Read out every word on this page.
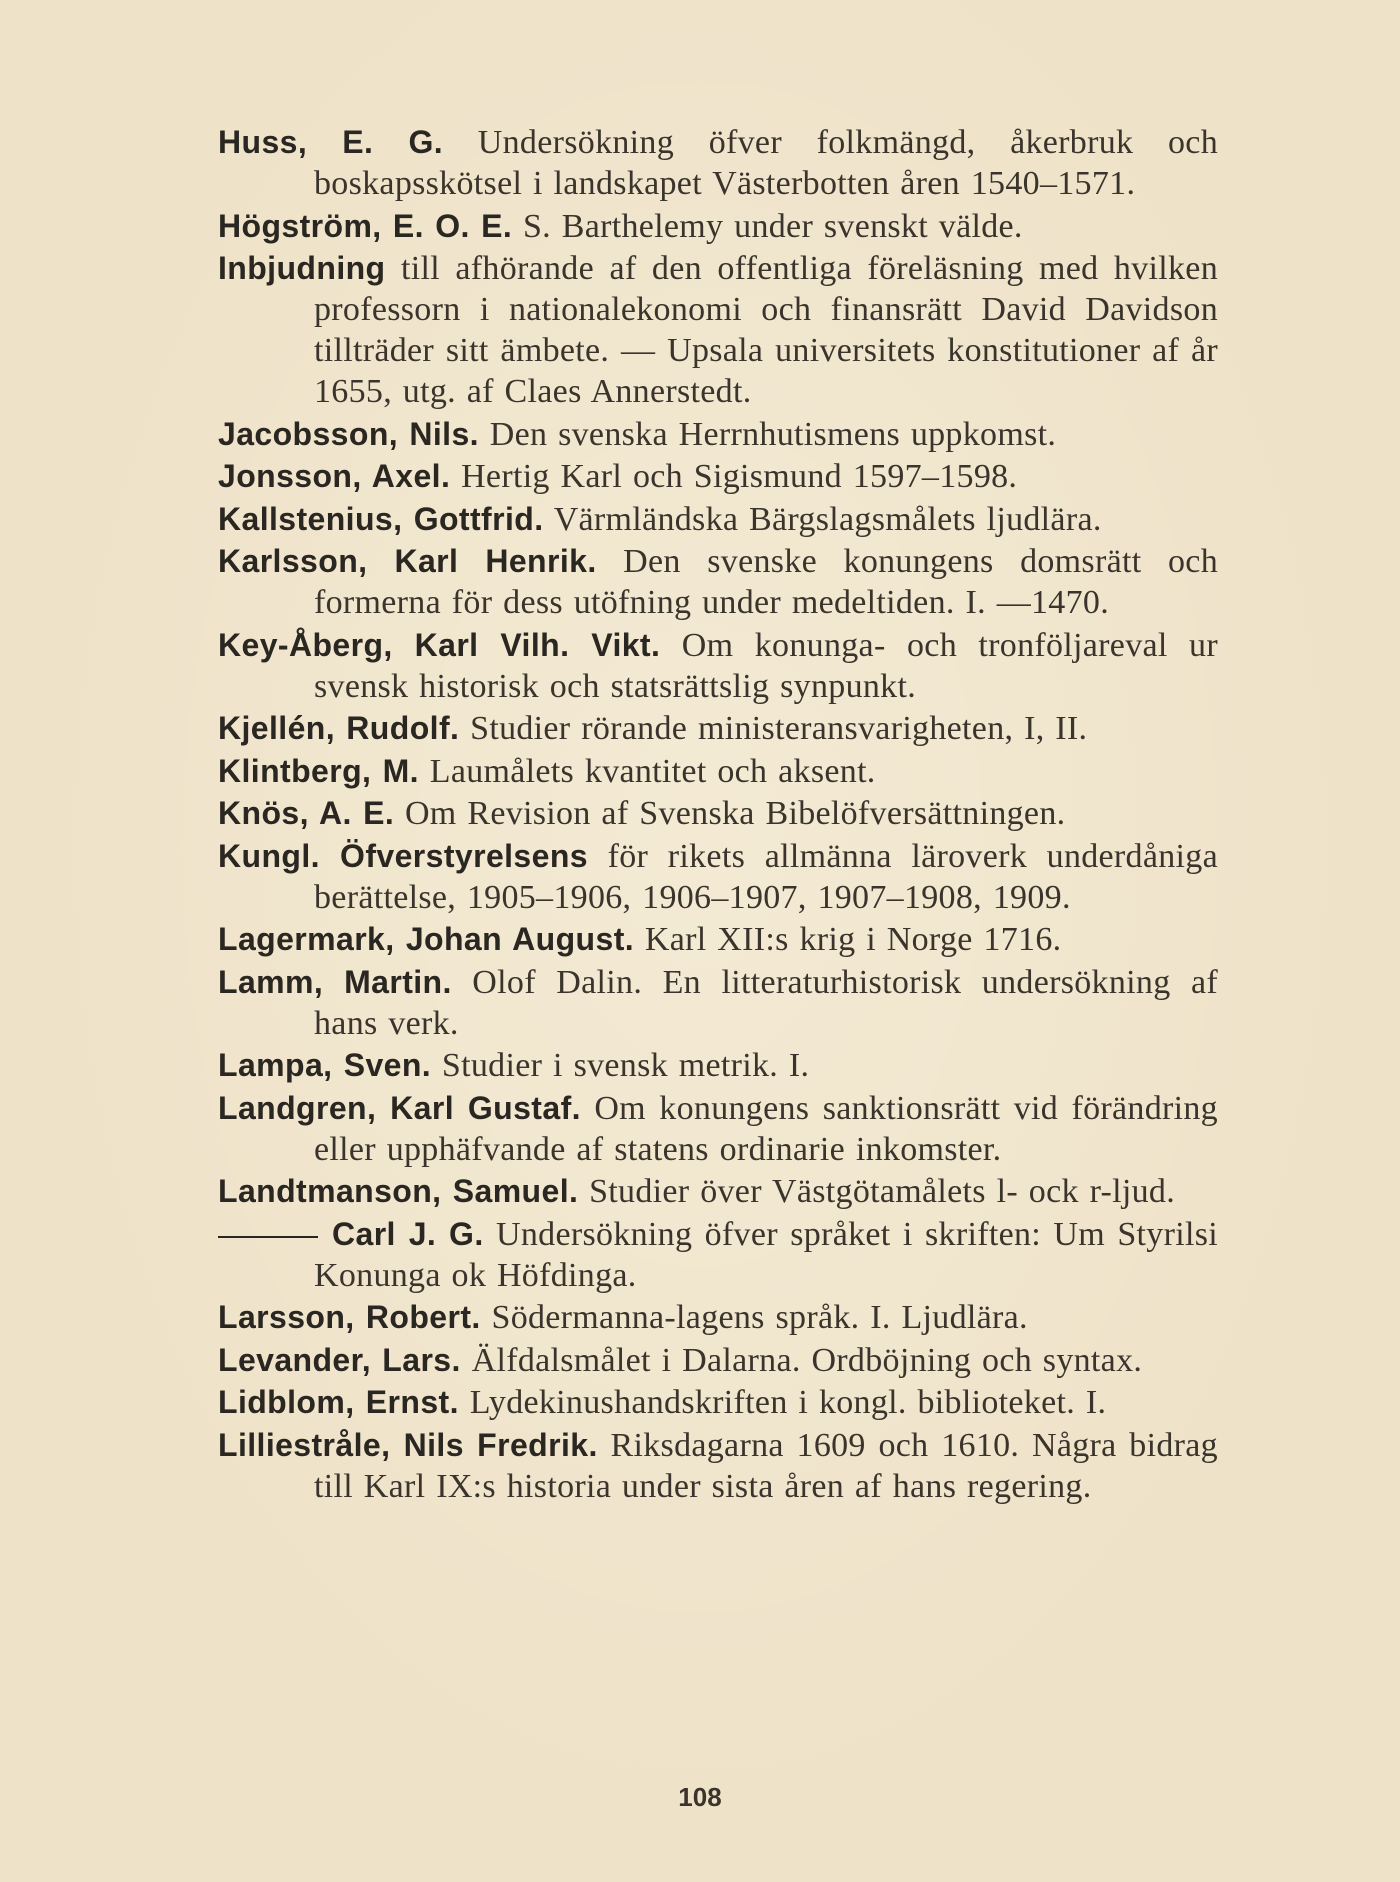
Huss, E. G. Undersökning öfver folkmängd, åkerbruk och boskapsskötsel i landskapet Västerbotten åren 1540–1571.
Högström, E. O. E. S. Barthelemy under svenskt välde.
Inbjudning till afhörande af den offentliga föreläsning med hvilken professorn i nationalekonomi och finansrätt David Davidson tillträder sitt ämbete. — Upsala universitets konstitutioner af år 1655, utg. af Claes Annerstedt.
Jacobsson, Nils. Den svenska Herrnhutismens uppkomst.
Jonsson, Axel. Hertig Karl och Sigismund 1597–1598.
Kallstenius, Gottfrid. Värmländska Bärgslagsmålets ljudlära.
Karlsson, Karl Henrik. Den svenske konungens domsrätt och formerna för dess utöfning under medeltiden. I. —1470.
Key-Åberg, Karl Vilh. Vikt. Om konunga- och tronföljareval ur svensk historisk och statsrättslig synpunkt.
Kjellén, Rudolf. Studier rörande ministeransvarigheten, I, II.
Klintberg, M. Laumålets kvantitet och aksent.
Knös, A. E. Om Revision af Svenska Bibelöfversättningen.
Kungl. Öfverstyrelsens för rikets allmänna läroverk underdåniga berättelse, 1905–1906, 1906–1907, 1907–1908, 1909.
Lagermark, Johan August. Karl XII:s krig i Norge 1716.
Lamm, Martin. Olof Dalin. En litteraturhistorisk undersökning af hans verk.
Lampa, Sven. Studier i svensk metrik. I.
Landgren, Karl Gustaf. Om konungens sanktionsrätt vid förändring eller upphäfvande af statens ordinarie inkomster.
Landtmanson, Samuel. Studier över Västgötamålets l- ock r-ljud.
Carl J. G. Undersökning öfver språket i skriften: Um Styrilsi Konunga ok Höfdinga.
Larsson, Robert. Södermanna-lagens språk. I. Ljudlära.
Levander, Lars. Älfdalsmålet i Dalarna. Ordböjning och syntax.
Lidblom, Ernst. Lydekinushandskriften i kongl. biblioteket. I.
Lilliestråle, Nils Fredrik. Riksdagarna 1609 och 1610. Några bidrag till Karl IX:s historia under sista åren af hans regering.
108
